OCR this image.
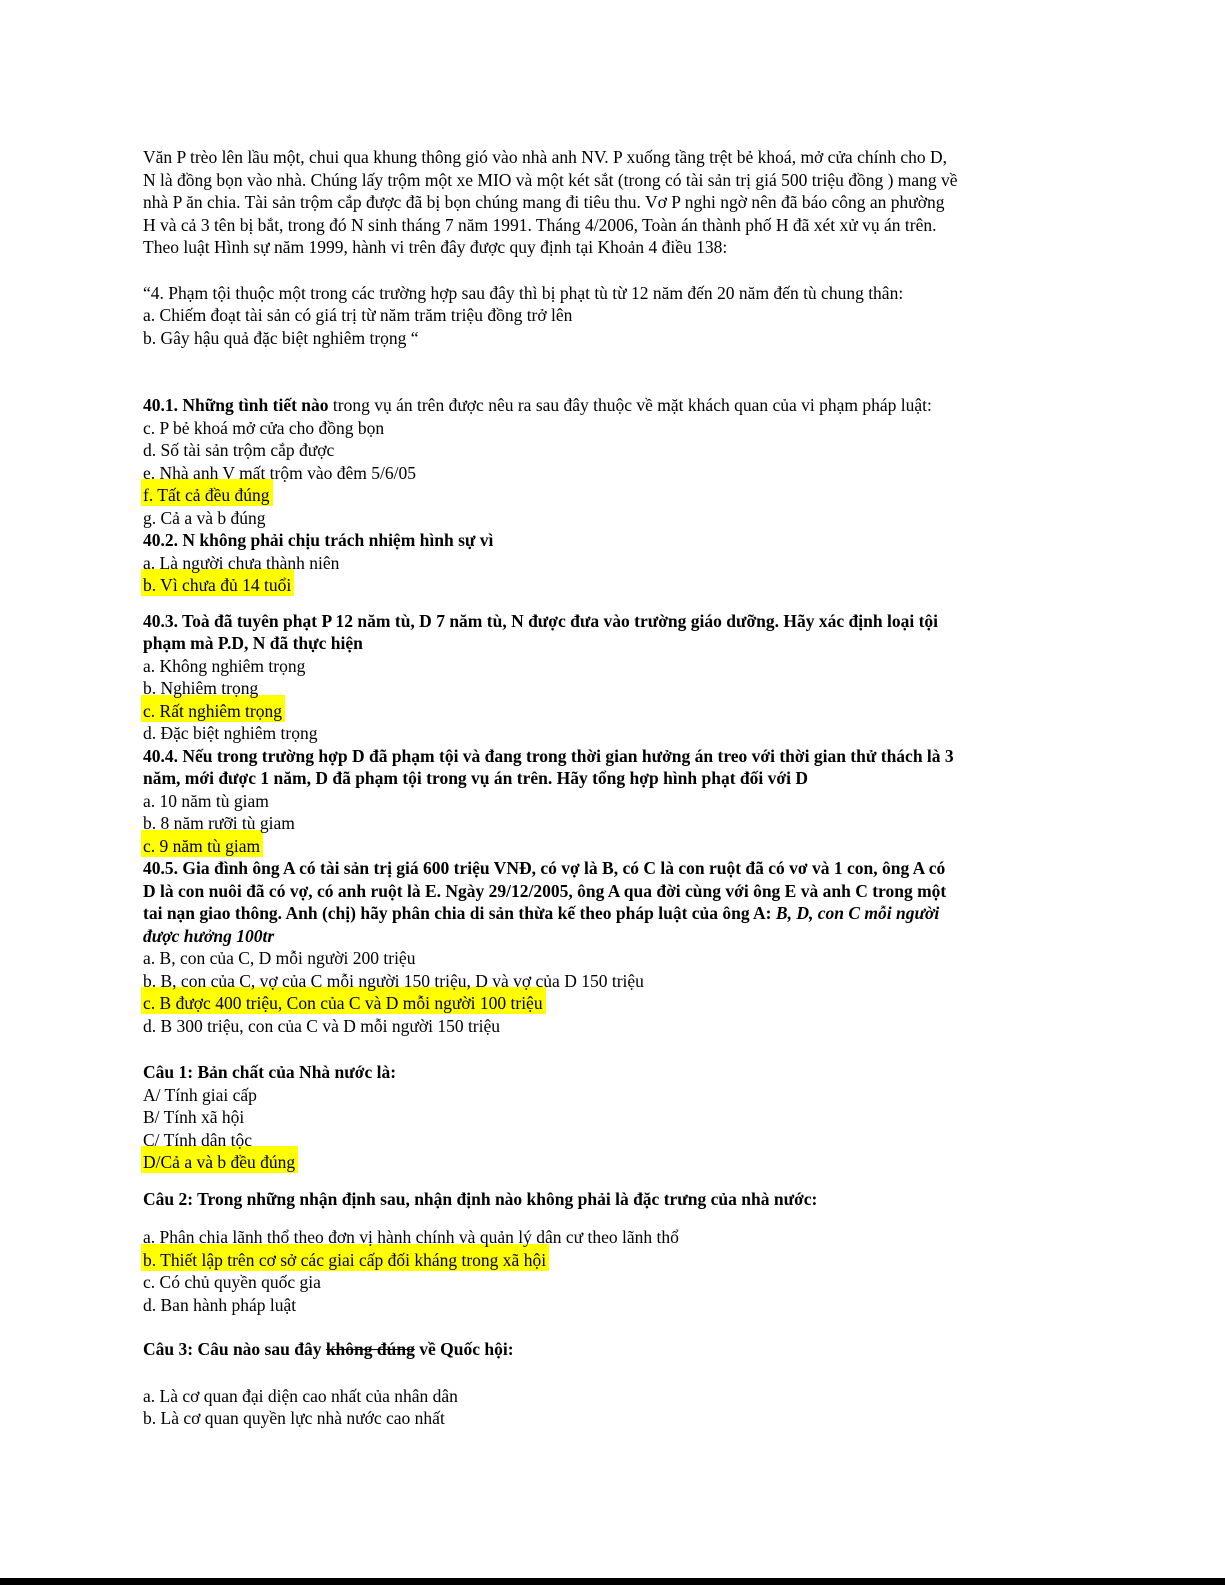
Văn P trèo lên lầu một, chui qua khung thông gió vào nhà anh NV. P xuống tầng trệt bẻ khoá, mở cửa chính cho D,
N là đồng bọn vào nhà. Chúng lấy trộm một xe MIO và một két sắt (trong có tài sản trị giá 500 triệu đồng ) mang về
nhà P ăn chia. Tài sản trộm cắp được đã bị bọn chúng mang đi tiêu thu. Vơ P nghi ngờ nên đã báo công an phường
H và cả 3 tên bị bắt, trong đó N sinh tháng 7 năm 1991. Tháng 4/2006, Toàn án thành phố H đã xét xử vụ án trên.
Theo luật Hình sự năm 1999, hành vi trên đây được quy định tại Khoản 4 điều 138:
“4. Phạm tội thuộc một trong các trường hợp sau đây thì bị phạt tù từ 12 năm đến 20 năm đến tù chung thân:
a. Chiếm đoạt tài sản có giá trị từ năm trăm triệu đồng trở lên
b. Gây hậu quả đặc biệt nghiêm trọng “
40.1. Những tình tiết nào trong vụ án trên được nêu ra sau đây thuộc về mặt khách quan của vi phạm pháp luật:
c. P bẻ khoá mở cửa cho đồng bọn
d. Số tài sản trộm cắp được
e. Nhà anh V mất trộm vào đêm 5/6/05
f. Tất cả đều đúng
g. Cả a và b đúng
40.2. N không phải chịu trách nhiệm hình sự vì
a. Là người chưa thành niên
b. Vì chưa đủ 14 tuổi
40.3. Toà đã tuyên phạt P 12 năm tù, D 7 năm tù, N được đưa vào trường giáo dưỡng. Hãy xác định loại tội
phạm mà P.D, N đã thực hiện
a. Không nghiêm trọng
b. Nghiêm trọng
c. Rất nghiêm trọng
d. Đặc biệt nghiêm trọng
40.4. Nếu trong trường hợp D đã phạm tội và đang trong thời gian hưởng án treo với thời gian thử thách là 3
năm, mới được 1 năm, D đã phạm tội trong vụ án trên. Hãy tổng hợp hình phạt đối với D
a. 10 năm tù giam
b. 8 năm rưỡi tù giam
c. 9 năm tù giam
40.5. Gia đình ông A có tài sản trị giá 600 triệu VNĐ, có vợ là B, có C là con ruột đã có vơ và 1 con, ông A có
D là con nuôi đã có vợ, có anh ruột là E. Ngày 29/12/2005, ông A qua đời cùng với ông E và anh C trong một
tai nạn giao thông. Anh (chị) hãy phân chia di sản thừa kế theo pháp luật của ông A: B, D, con C mỗi người
được hưởng 100tr
a. B, con của C, D mỗi người 200 triệu
b. B, con của C, vợ của C mỗi người 150 triệu, D và vợ của D 150 triệu
c. B được 400 triệu, Con của C và D mỗi người 100 triệu
d. B 300 triệu, con của C và D mỗi người 150 triệu
Câu 1: Bản chất của Nhà nước là:
A/ Tính giai cấp
B/ Tính xã hội
C/ Tính dân tộc
D/Cả a và b đều đúng
Câu 2: Trong những nhận định sau, nhận định nào không phải là đặc trưng của nhà nước:
a. Phân chia lãnh thổ theo đơn vị hành chính và quản lý dân cư theo lãnh thổ
b. Thiết lập trên cơ sở các giai cấp đối kháng trong xã hội
c. Có chủ quyền quốc gia
d. Ban hành pháp luật
Câu 3: Câu nào sau đây không đúng về Quốc hội:
a. Là cơ quan đại diện cao nhất của nhân dân
b. Là cơ quan quyền lực nhà nước cao nhất
